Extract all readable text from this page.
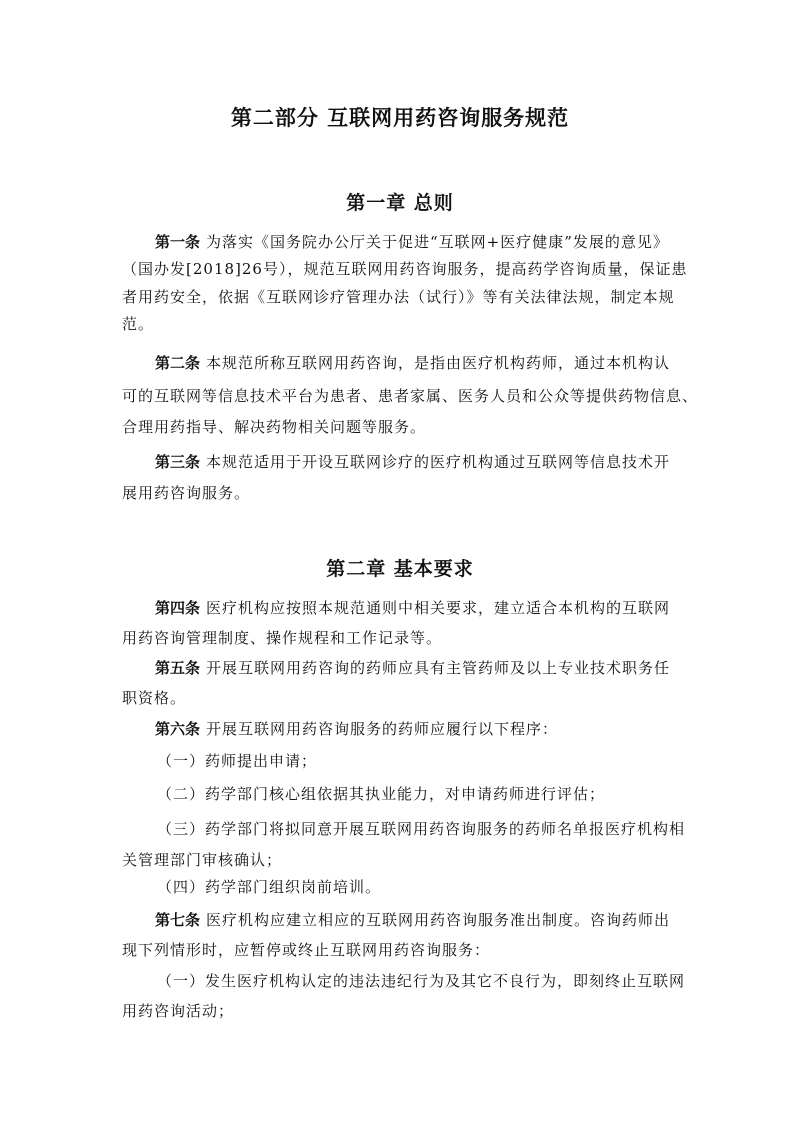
第二部分 互联网用药咨询服务规范
第一章 总则
第一条 为落实《国务院办公厅关于促进“互联网+医疗健康”发展的意见》
（国办发[2018]26号），规范互联网用药咨询服务，提高药学咨询质量，保证患
者用药安全，依据《互联网诊疗管理办法（试行）》等有关法律法规，制定本规
范。
第二条 本规范所称互联网用药咨询，是指由医疗机构药师，通过本机构认
可的互联网等信息技术平台为患者、患者家属、医务人员和公众等提供药物信息、
合理用药指导、解决药物相关问题等服务。
第三条 本规范适用于开设互联网诊疗的医疗机构通过互联网等信息技术开
展用药咨询服务。
第二章 基本要求
第四条 医疗机构应按照本规范通则中相关要求，建立适合本机构的互联网
用药咨询管理制度、操作规程和工作记录等。
第五条 开展互联网用药咨询的药师应具有主管药师及以上专业技术职务任
职资格。
第六条 开展互联网用药咨询服务的药师应履行以下程序：
（一）药师提出申请；
（二）药学部门核心组依据其执业能力，对申请药师进行评估；
（三）药学部门将拟同意开展互联网用药咨询服务的药师名单报医疗机构相
关管理部门审核确认；
（四）药学部门组织岗前培训。
第七条 医疗机构应建立相应的互联网用药咨询服务准出制度。咨询药师出
现下列情形时，应暂停或终止互联网用药咨询服务：
（一）发生医疗机构认定的违法违纪行为及其它不良行为，即刻终止互联网
用药咨询活动；
